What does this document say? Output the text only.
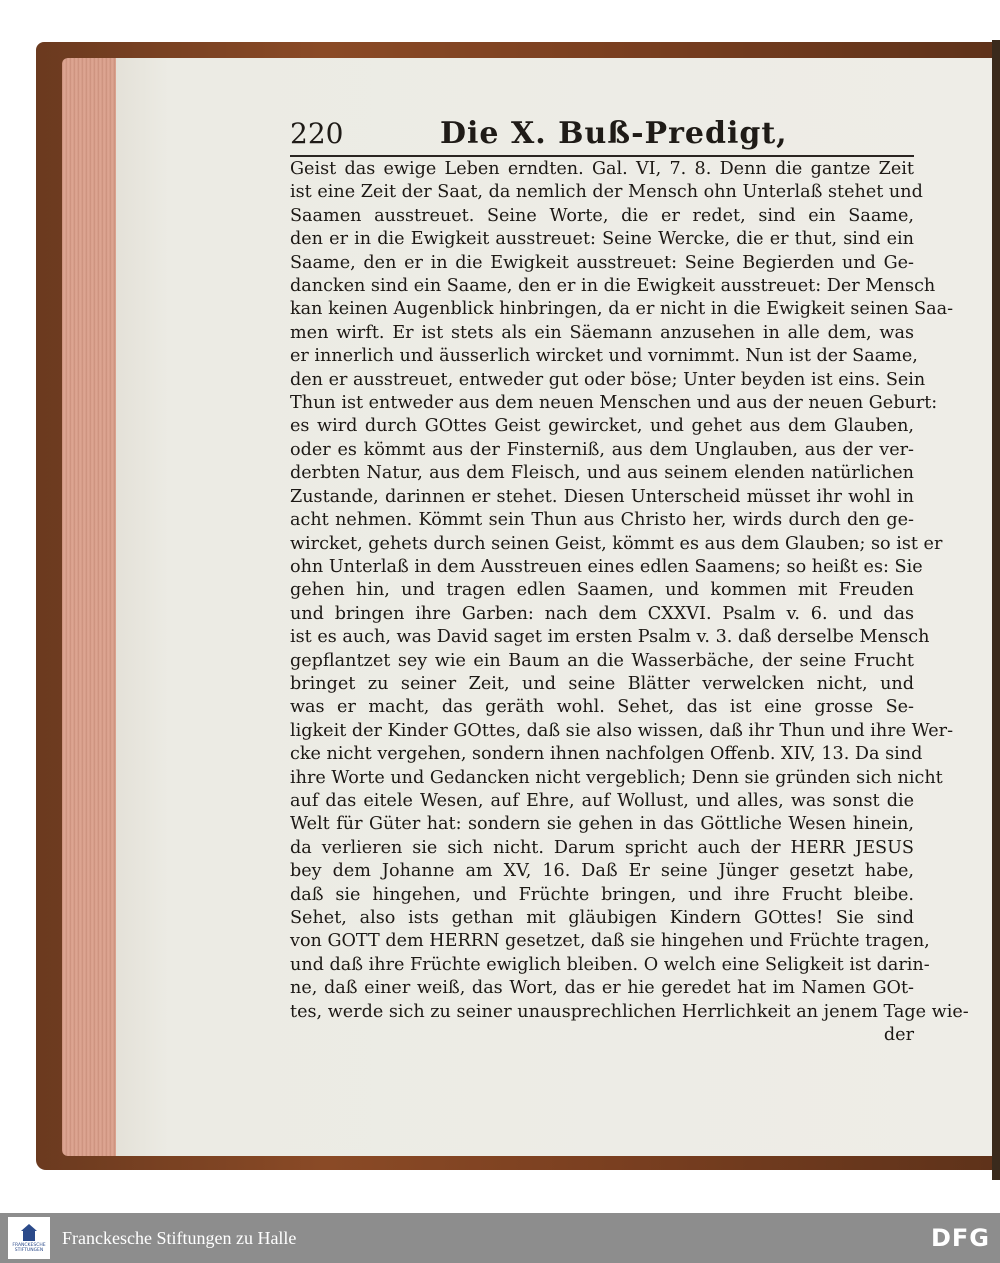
220	Die X. Buß-Predigt,
Geist das ewige Leben erndten. Gal. VI, 7. 8. Denn die gantze Zeit
ist eine Zeit der Saat, da nemlich der Mensch ohn Unterlaß stehet und
Saamen ausstreuet. Seine Worte, die er redet, sind ein Saame,
den er in die Ewigkeit ausstreuet: Seine Wercke, die er thut, sind ein
Saame, den er in die Ewigkeit ausstreuet: Seine Begierden und Ge-
dancken sind ein Saame, den er in die Ewigkeit ausstreuet: Der Mensch
kan keinen Augenblick hinbringen, da er nicht in die Ewigkeit seinen Saa-
men wirft. Er ist stets als ein Säemann anzusehen in alle dem, was
er innerlich und äusserlich wircket und vornimmt. Nun ist der Saame,
den er ausstreuet, entweder gut oder böse; Unter beyden ist eins. Sein
Thun ist entweder aus dem neuen Menschen und aus der neuen Geburt:
es wird durch GOttes Geist gewircket, und gehet aus dem Glauben,
oder es kömmt aus der Finsterniß, aus dem Unglauben, aus der ver-
derbten Natur, aus dem Fleisch, und aus seinem elenden natürlichen
Zustande, darinnen er stehet. Diesen Unterscheid müsset ihr wohl in
acht nehmen. Kömmt sein Thun aus Christo her, wirds durch den ge-
wircket, gehets durch seinen Geist, kömmt es aus dem Glauben; so ist er
ohn Unterlaß in dem Ausstreuen eines edlen Saamens; so heißt es: Sie
gehen hin, und tragen edlen Saamen, und kommen mit Freuden
und bringen ihre Garben: nach dem CXXVI. Psalm v. 6. und das
ist es auch, was David saget im ersten Psalm v. 3. daß derselbe Mensch
gepflantzet sey wie ein Baum an die Wasserbäche, der seine Frucht
bringet zu seiner Zeit, und seine Blätter verwelcken nicht, und
was er macht, das geräth wohl. Sehet, das ist eine grosse Se-
ligkeit der Kinder GOttes, daß sie also wissen, daß ihr Thun und ihre Wer-
cke nicht vergehen, sondern ihnen nachfolgen Offenb. XIV, 13. Da sind
ihre Worte und Gedancken nicht vergeblich; Denn sie gründen sich nicht
auf das eitele Wesen, auf Ehre, auf Wollust, und alles, was sonst die
Welt für Güter hat: sondern sie gehen in das Göttliche Wesen hinein,
da verlieren sie sich nicht. Darum spricht auch der HERR JESUS
bey dem Johanne am XV, 16. Daß Er seine Jünger gesetzt habe,
daß sie hingehen, und Früchte bringen, und ihre Frucht bleibe.
Sehet, also ists gethan mit gläubigen Kindern GOttes! Sie sind
von GOTT dem HERRN gesetzet, daß sie hingehen und Früchte tragen,
und daß ihre Früchte ewiglich bleiben. O welch eine Seligkeit ist darin-
ne, daß einer weiß, das Wort, das er hie geredet hat im Namen GOt-
tes, werde sich zu seiner unausprechlichen Herrlichkeit an jenem Tage wie-
der
FRANCKESCHE STIFTUNGEN
Franckesche Stiftungen zu Halle	DFG
